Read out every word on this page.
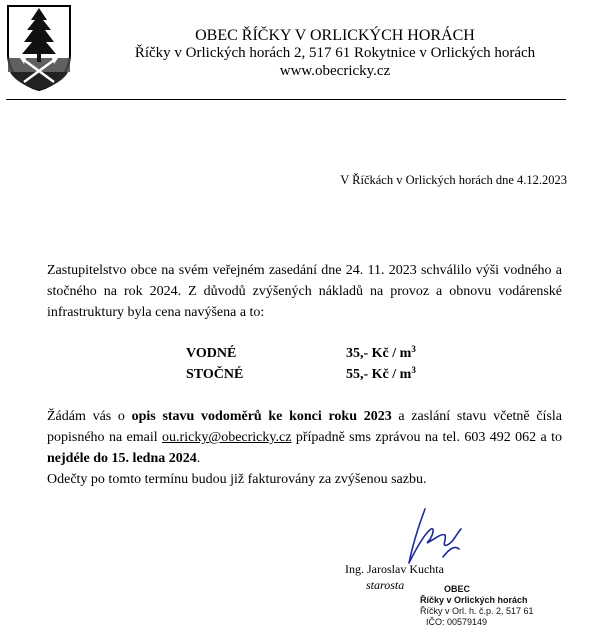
OBEC ŘÍČKY V ORLICKÝCH HORÁCH
Říčky v Orlických horách 2, 517 61 Rokytnice v Orlických horách
www.obecricky.cz
V Říčkách v Orlických horách dne 4.12.2023
Zastupitelstvo obce na svém veřejném zasedání dne 24. 11. 2023 schválilo výši vodného a stočného na rok 2024. Z důvodů zvýšených nákladů na provoz a obnovu vodárenské infrastruktury byla cena navýšena a to:
VODNÉ	35,- Kč / $m^3$
STOČNÉ	55,- Kč / $m^3$
Žádám vás o opis stavu vodoměrů ke konci roku 2023 a zaslání stavu včetně čísla popisného na email ou.ricky@obecricky.cz případně sms zprávou na tel. 603 492 062 a to nejdéle do 15. ledna 2024.
Odečty po tomto termínu budou již fakturovány za zvýšenou sazbu.
Ing. Jaroslav Kuchta
starosta	OBEC
Říčky v Orlických horách
Říčky v Orl. h. č.p. 2, 517 61
IČO: 00579149
